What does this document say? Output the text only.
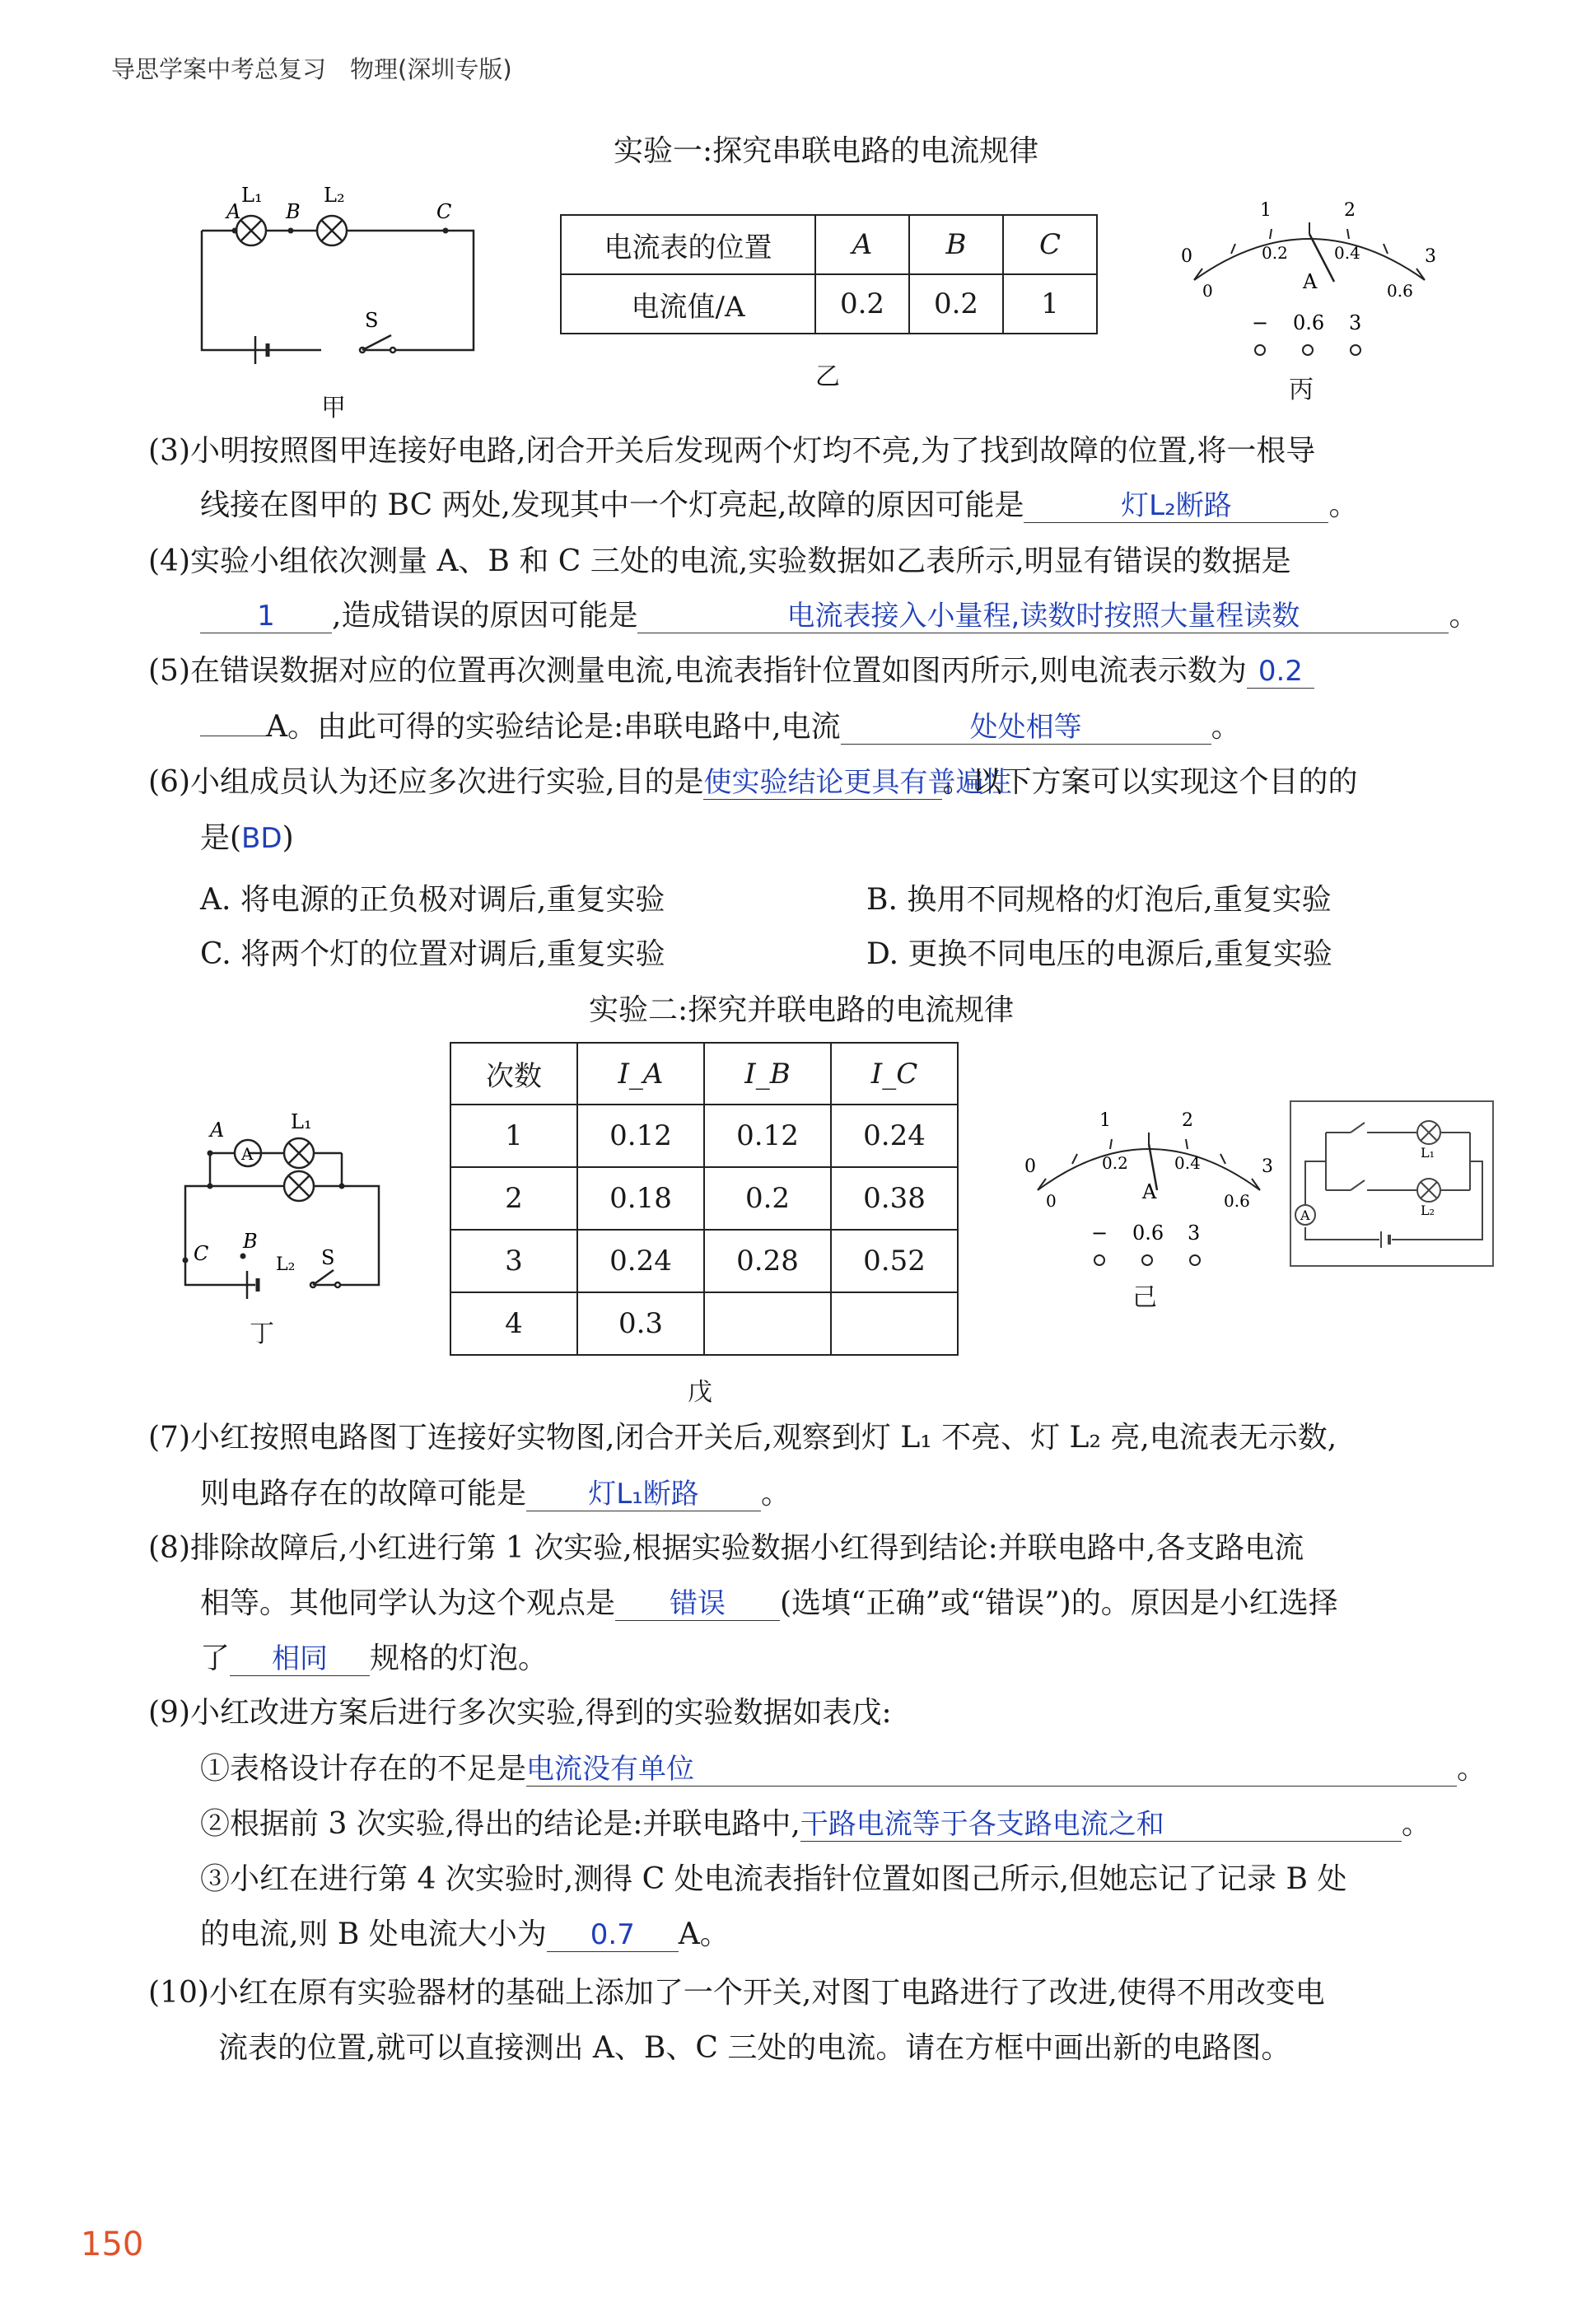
导思学案中考总复习　物理(深圳专版)
实验一:探究串联电路的电流规律
A B	C
L₁	L₂
S
甲
电流表的位置	A	B	C
电流值/A	0.2	0.2	1
乙
0
1	2
3
0
0.2	0.4
0.6
A
− 0.6 3
丙
(3)小明按照图甲连接好电路,闭合开关后发现两个灯均不亮,为了找到故障的位置,将一根导
线接在图甲的 BC 两处,发现其中一个灯亮起,故障的原因可能是	灯L₂断路	。
(4)实验小组依次测量 A、B 和 C 三处的电流,实验数据如乙表所示,明显有错误的数据是
1 ,造成错误的原因可能是	电流表接入小量程,读数时按照大量程读数	。
(5)在错误数据对应的位置再次测量电流,电流表指针位置如图丙所示,则电流表示数为 0.2
A。由此可得的实验结论是:串联电路中,电流	处处相等	。
(6)小组成员认为还应多次进行实验,目的是使实验结论更具有普遍性。以下方案可以实现这个目的的
是(BD)
A. 将电源的正负极对调后,重复实验	B. 换用不同规格的灯泡后,重复实验
C. 将两个灯的位置对调后,重复实验	D. 更换不同电压的电源后,重复实验
实验二:探究并联电路的电流规律
A
A	L₁
B
C	L₂ S
丁
次数	I_A	I_B	I_C
1	0.12	0.12	0.24
2	0.18	0.2	0.38
3	0.24	0.28	0.52
4	0.3		
戊
0
1	2
3
0
0.2	0.4
0.6
A
− 0.6 3
己
A
L₁
L₂
(7)小红按照电路图丁连接好实物图,闭合开关后,观察到灯 L₁ 不亮、灯 L₂ 亮,电流表无示数,
则电路存在的故障可能是 灯L₁断路 。
(8)排除故障后,小红进行第 1 次实验,根据实验数据小红得到结论:并联电路中,各支路电流
相等。其他同学认为这个观点是 错误 (选填“正确”或“错误”)的。原因是小红选择
了 相同 规格的灯泡。
(9)小红改进方案后进行多次实验,得到的实验数据如表戊:
①表格设计存在的不足是电流没有单位	。
②根据前 3 次实验,得出的结论是:并联电路中,干路电流等于各支路电流之和	。
③小红在进行第 4 次实验时,测得 C 处电流表指针位置如图己所示,但她忘记了记录 B 处
的电流,则 B 处电流大小为 0.7 A。
(10)小红在原有实验器材的基础上添加了一个开关,对图丁电路进行了改进,使得不用改变电
流表的位置,就可以直接测出 A、B、C 三处的电流。请在方框中画出新的电路图。
150
